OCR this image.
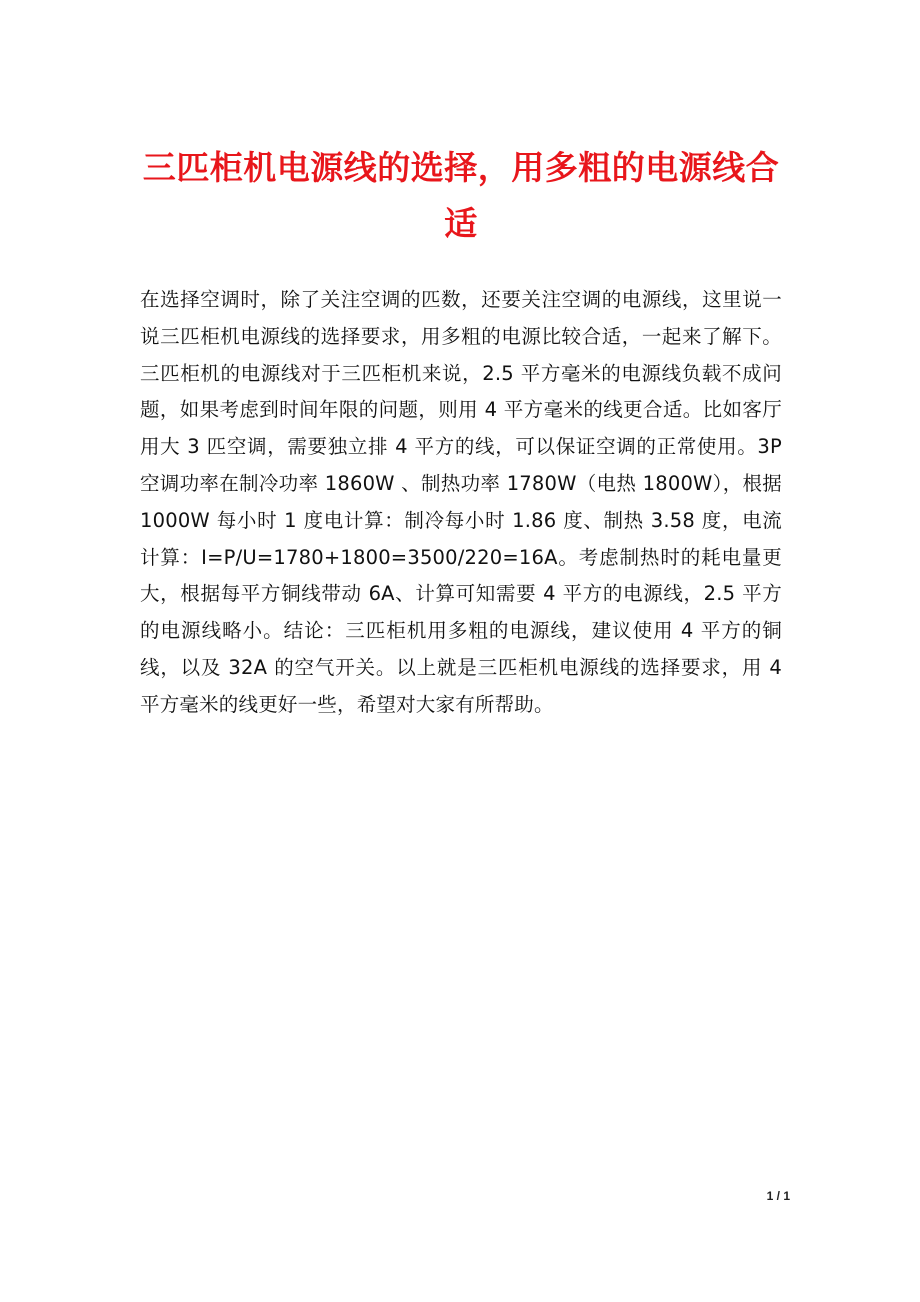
三匹柜机电源线的选择，用多粗的电源线合适

在选择空调时，除了关注空调的匹数，还要关注空调的电源线，这里说一说三匹柜机电源线的选择要求，用多粗的电源比较合适，一起来了解下。三匹柜机的电源线对于三匹柜机来说，2.5 平方毫米的电源线负载不成问题，如果考虑到时间年限的问题，则用 4 平方毫米的线更合适。比如客厅用大 3 匹空调，需要独立排 4 平方的线，可以保证空调的正常使用。3P 空调功率在制冷功率 1860W 、制热功率 1780W（电热 1800W），根据 1000W 每小时 1 度电计算：制冷每小时 1.86 度、制热 3.58 度，电流计算：I=P/U=1780+1800=3500/220=16A。考虑制热时的耗电量更大，根据每平方铜线带动 6A、计算可知需要 4 平方的电源线，2.5 平方的电源线略小。结论：三匹柜机用多粗的电源线，建议使用 4 平方的铜线，以及 32A 的空气开关。以上就是三匹柜机电源线的选择要求，用 4 平方毫米的线更好一些，希望对大家有所帮助。

1 / 1
